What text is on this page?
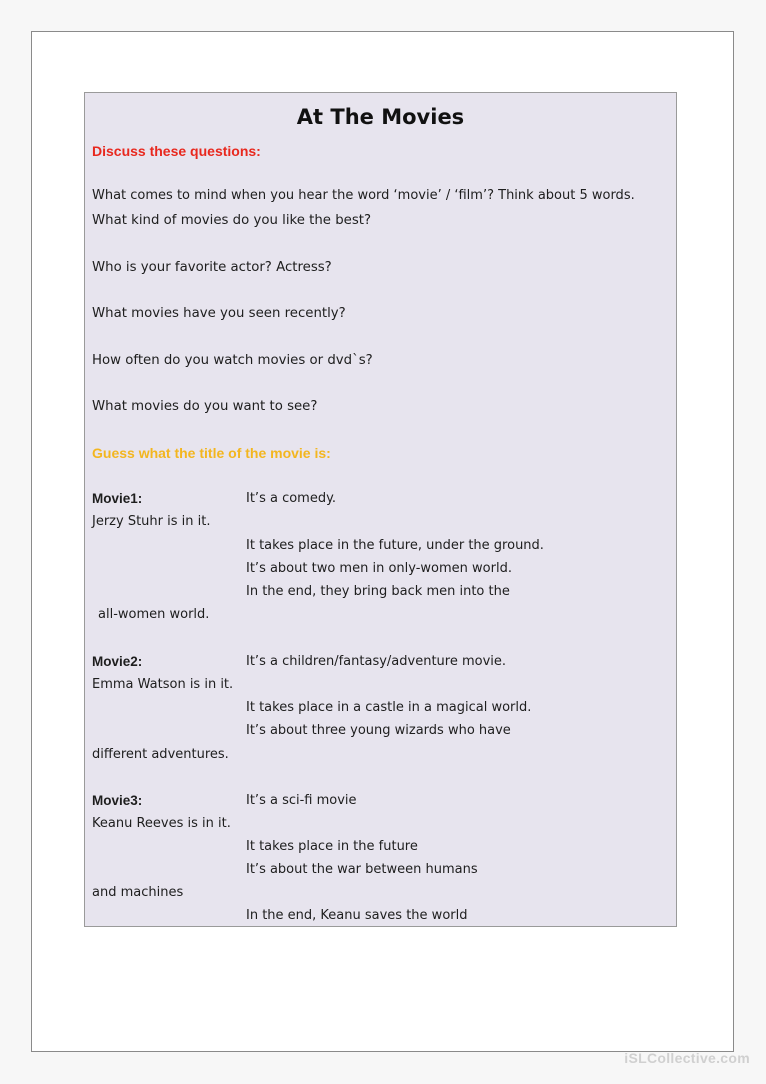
At The Movies
Discuss these questions:
What comes to mind when you hear the word ‘movie’ / ‘film’? Think about 5 words.
What kind of movies do you like the best?
Who is your favorite actor? Actress?
What movies have you seen recently?
How often do you watch movies or dvd`s?
What movies do you want to see?
Guess what the title of the movie is:
Movie1:	It’s a comedy.
Jerzy Stuhr is in it.
It takes place in the future, under the ground.
It’s about two men in only-women world.
In the end, they bring back men into the
all-women world.
Movie2:	It’s a children/fantasy/adventure movie.
Emma Watson is in it.
It takes place in a castle in a magical world.
It’s about three young wizards who have
different adventures.
Movie3:	It’s a sci-fi movie
Keanu Reeves is in it.
It takes place in the future
It’s about the war between humans
and machines
In the end, Keanu saves the world
iSLCollective.com
